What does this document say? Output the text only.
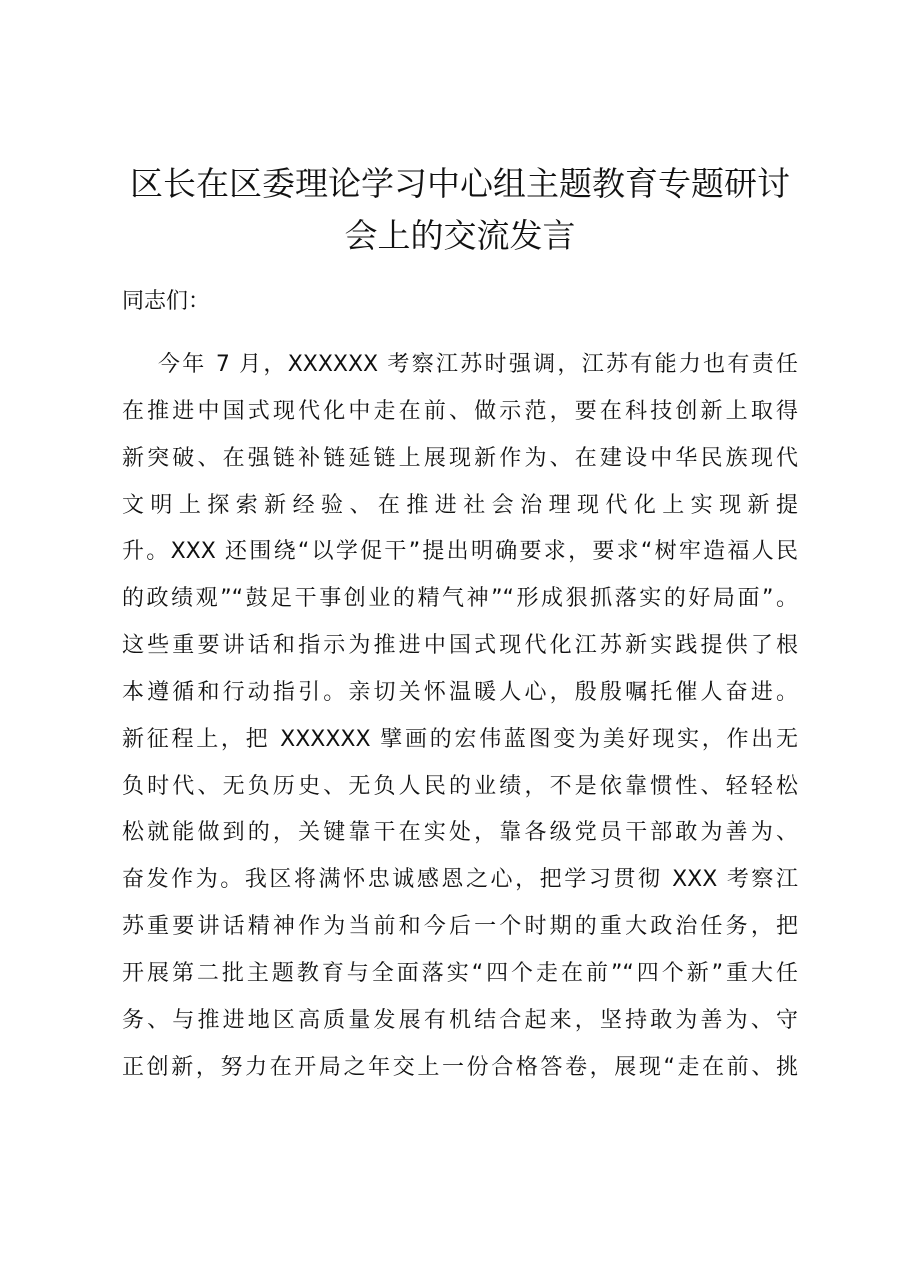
区长在区委理论学习中心组主题教育专题研讨
会上的交流发言
同志们：
今年 7 月，XXXXXX 考察江苏时强调，江苏有能力也有责任
在推进中国式现代化中走在前、做示范，要在科技创新上取得
新突破、在强链补链延链上展现新作为、在建设中华民族现代
文明上探索新经验、在推进社会治理现代化上实现新提
升。XXX 还围绕“以学促干”提出明确要求，要求“树牢造福人民
的政绩观”“鼓足干事创业的精气神”“形成狠抓落实的好局面”。
这些重要讲话和指示为推进中国式现代化江苏新实践提供了根
本遵循和行动指引。亲切关怀温暖人心，殷殷嘱托催人奋进。
新征程上，把 XXXXXX 擘画的宏伟蓝图变为美好现实，作出无
负时代、无负历史、无负人民的业绩，不是依靠惯性、轻轻松
松就能做到的，关键靠干在实处，靠各级党员干部敢为善为、
奋发作为。我区将满怀忠诚感恩之心，把学习贯彻 XXX 考察江
苏重要讲话精神作为当前和今后一个时期的重大政治任务，把
开展第二批主题教育与全面落实“四个走在前”“四个新”重大任
务、与推进地区高质量发展有机结合起来，坚持敢为善为、守
正创新，努力在开局之年交上一份合格答卷，展现“走在前、挑
